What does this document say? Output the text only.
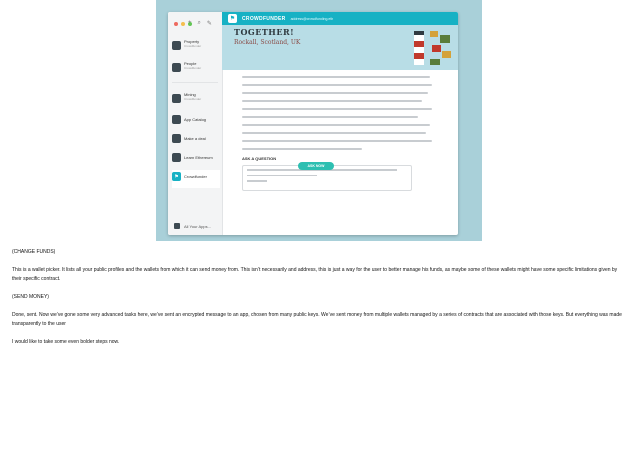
+ ⌕ ✎
Property
Crowdfunder
People
Crowdfunder
Mining
Crowdfunder
App Catalog
Make a deal
Learn Ethereum
⚑	Crowdfunder
All Your Apps...
⚑	CROWDFUNDER address@crowdfunding.eth
TOGETHER!
Rockall, Scotland, UK
ASK A QUESTION
ASK NOW

(CHANGE FUNDS)

This is a wallet picker. It lists all your public profiles and the wallets from which it can send money from. This isn’t necessarily and address, this is just a way for the user to better manage his funds, as maybe some of these wallets might have some specific limitations given by their specific contract.

(SEND MONEY)

Done, sent. Now we’ve gone some very advanced tasks here, we’ve sent an encrypted message to an app, chosen from many public keys. We’ve sent money from multiple wallets managed by a series of contracts that are associated with those keys. But everything was made transparently to the user

I would like to take some even bolder steps now.
